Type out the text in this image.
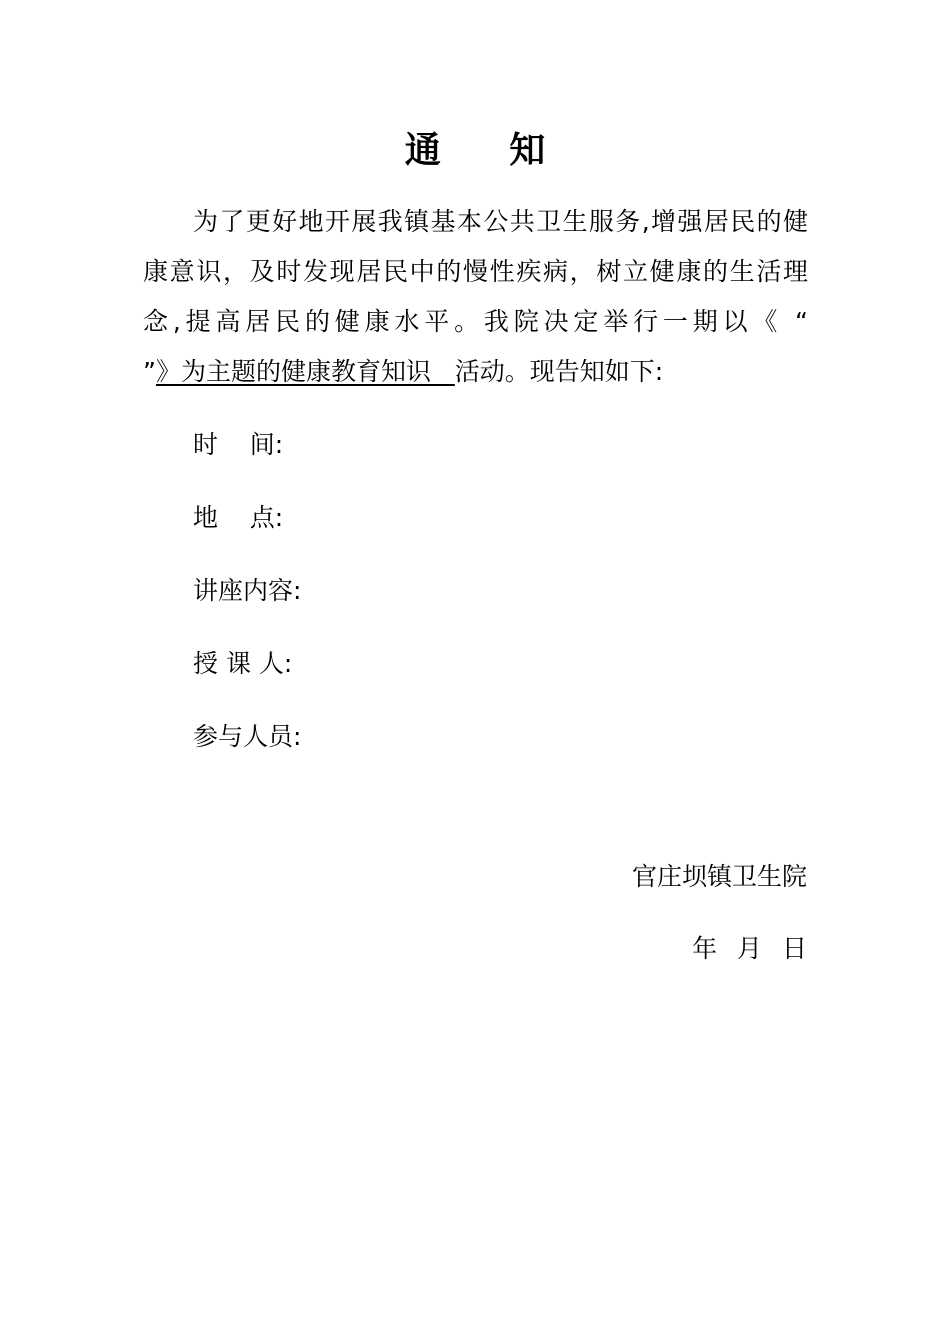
通 知
为了更好地开展我镇基本公共卫生服务,增强居民的健
康意识，及时发现居民中的慢性疾病，树立健康的生活理
念,提高居民的健康水平。我院决定举行一期以《 “
”》为主题的健康教育知识   活动。现告知如下:
时    间:
地    点:
讲座内容:
授 课 人:
参与人员:
官庄坝镇卫生院
年 月 日
